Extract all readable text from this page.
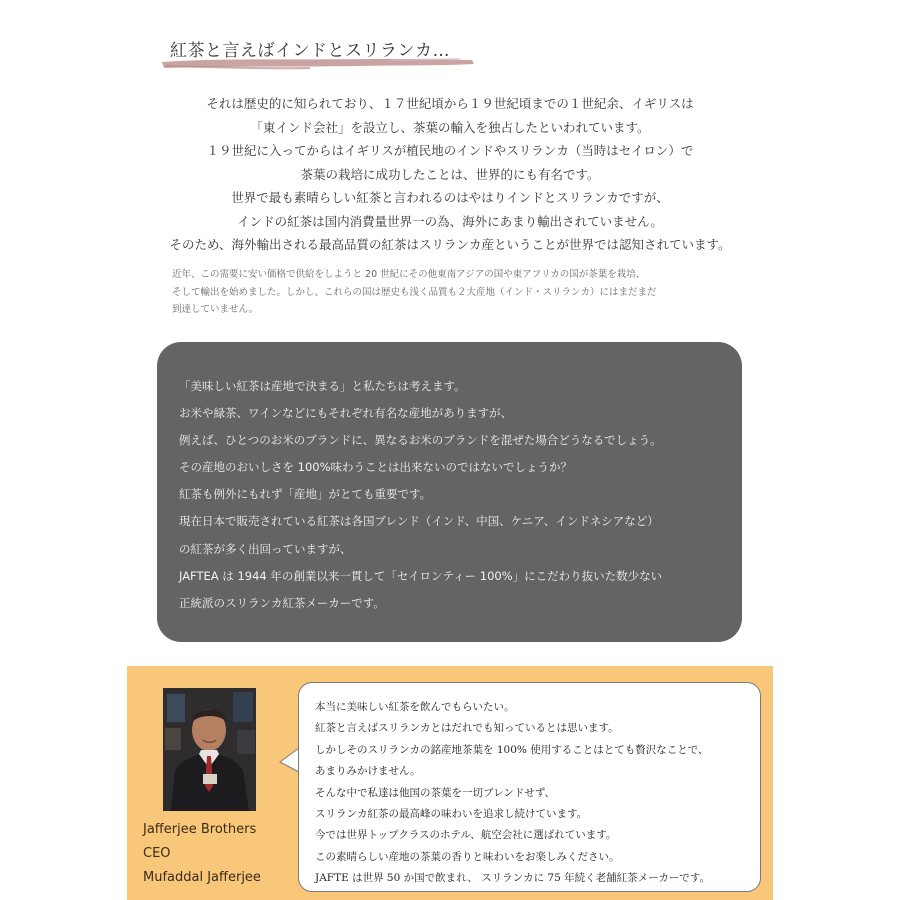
紅茶と言えばインドとスリランカ…
それは歴史的に知られており、１７世紀頃から１９世紀頃までの１世紀余、イギリスは
「東インド会社」を設立し、茶葉の輸入を独占したといわれています。
１９世紀に入ってからはイギリスが植民地のインドやスリランカ（当時はセイロン）で
茶葉の栽培に成功したことは、世界的にも有名です。
世界で最も素晴らしい紅茶と言われるのはやはりインドとスリランカですが、
インドの紅茶は国内消費量世界一の為、海外にあまり輸出されていません。
そのため、海外輸出される最高品質の紅茶はスリランカ産ということが世界では認知されています。
近年、この需要に安い価格で供給をしようと 20 世紀にその他東南アジアの国や東アフリカの国が茶葉を栽培、
そして輸出を始めました。しかし、これらの国は歴史も浅く品質も２大産地（インド・スリランカ）にはまだまだ
到達していません。
「美味しい紅茶は産地で決まる」と私たちは考えます。
お米や緑茶、ワインなどにもそれぞれ有名な産地がありますが、
例えば、ひとつのお米のブランドに、異なるお米のブランドを混ぜた場合どうなるでしょう。
その産地のおいしさを 100%味わうことは出来ないのではないでしょうか？
紅茶も例外にもれず「産地」がとても重要です。
現在日本で販売されている紅茶は各国ブレンド（インド、中国、ケニア、インドネシアなど）
の紅茶が多く出回っていますが、
JAFTEA は 1944 年の創業以来一貫して「セイロンティー 100%」にこだわり抜いた数少ない
正統派のスリランカ紅茶メーカーです。
Jafferjee Brothers
CEO
Mufaddal Jafferjee
本当に美味しい紅茶を飲んでもらいたい。
紅茶と言えばスリランカとはだれでも知っているとは思います。
しかしそのスリランカの銘産地茶葉を 100% 使用することはとても贅沢なことで、
あまりみかけません。
そんな中で私達は他国の茶葉を一切ブレンドせず、
スリランカ紅茶の最高峰の味わいを追求し続けています。
今では世界トップクラスのホテル、航空会社に選ばれています。
この素晴らしい産地の茶葉の香りと味わいをお楽しみください。
JAFTE は世界 50 か国で飲まれ、 スリランカに 75 年続く老舗紅茶メーカーです。
